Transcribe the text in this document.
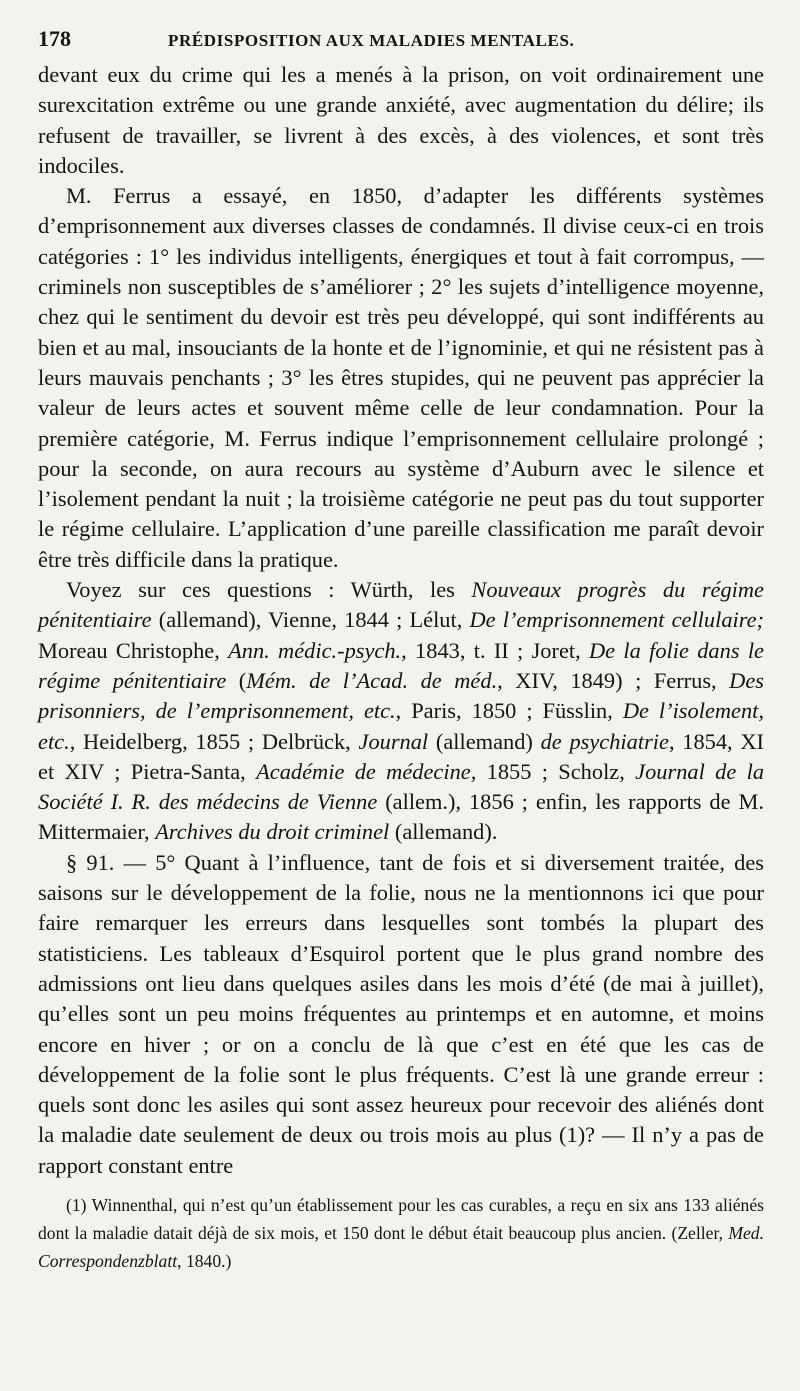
178	PRÉDISPOSITION AUX MALADIES MENTALES.

devant eux du crime qui les a menés à la prison, on voit ordinairement une surexcitation extrême ou une grande anxiété, avec augmentation du délire; ils refusent de travailler, se livrent à des excès, à des violences, et sont très indociles.

M. Ferrus a essayé, en 1850, d’adapter les différents systèmes d’emprisonnement aux diverses classes de condamnés. Il divise ceux-ci en trois catégories : 1° les individus intelligents, énergiques et tout à fait corrompus, — criminels non susceptibles de s’améliorer ; 2° les sujets d’intelligence moyenne, chez qui le sentiment du devoir est très peu développé, qui sont indifférents au bien et au mal, insouciants de la honte et de l’ignominie, et qui ne résistent pas à leurs mauvais penchants ; 3° les êtres stupides, qui ne peuvent pas apprécier la valeur de leurs actes et souvent même celle de leur condamnation. Pour la première catégorie, M. Ferrus indique l’emprisonnement cellulaire prolongé ; pour la seconde, on aura recours au système d’Auburn avec le silence et l’isolement pendant la nuit ; la troisième catégorie ne peut pas du tout supporter le régime cellulaire. L’application d’une pareille classification me paraît devoir être très difficile dans la pratique.

Voyez sur ces questions : Würth, les Nouveaux progrès du régime pénitentiaire (allemand), Vienne, 1844 ; Lélut, De l’emprisonnement cellulaire; Moreau Christophe, Ann. médic.-psych., 1843, t. II ; Joret, De la folie dans le régime pénitentiaire (Mém. de l’Acad. de méd., XIV, 1849) ; Ferrus, Des prisonniers, de l’emprisonnement, etc., Paris, 1850 ; Füsslin, De l’isolement, etc., Heidelberg, 1855 ; Delbrück, Journal (allemand) de psychiatrie, 1854, XI et XIV ; Pietra-Santa, Académie de médecine, 1855 ; Scholz, Journal de la Société I. R. des médecins de Vienne (allem.), 1856 ; enfin, les rapports de M. Mittermaier, Archives du droit criminel (allemand).

§ 91. — 5° Quant à l’influence, tant de fois et si diversement traitée, des saisons sur le développement de la folie, nous ne la mentionnons ici que pour faire remarquer les erreurs dans lesquelles sont tombés la plupart des statisticiens. Les tableaux d’Esquirol portent que le plus grand nombre des admissions ont lieu dans quelques asiles dans les mois d’été (de mai à juillet), qu’elles sont un peu moins fréquentes au printemps et en automne, et moins encore en hiver ; or on a conclu de là que c’est en été que les cas de développement de la folie sont le plus fréquents. C’est là une grande erreur : quels sont donc les asiles qui sont assez heureux pour recevoir des aliénés dont la maladie date seulement de deux ou trois mois au plus (1)? — Il n’y a pas de rapport constant entre

(1) Winnenthal, qui n’est qu’un établissement pour les cas curables, a reçu en six ans 133 aliénés dont la maladie datait déjà de six mois, et 150 dont le début était beaucoup plus ancien. (Zeller, Med. Correspondenzblatt, 1840.)
